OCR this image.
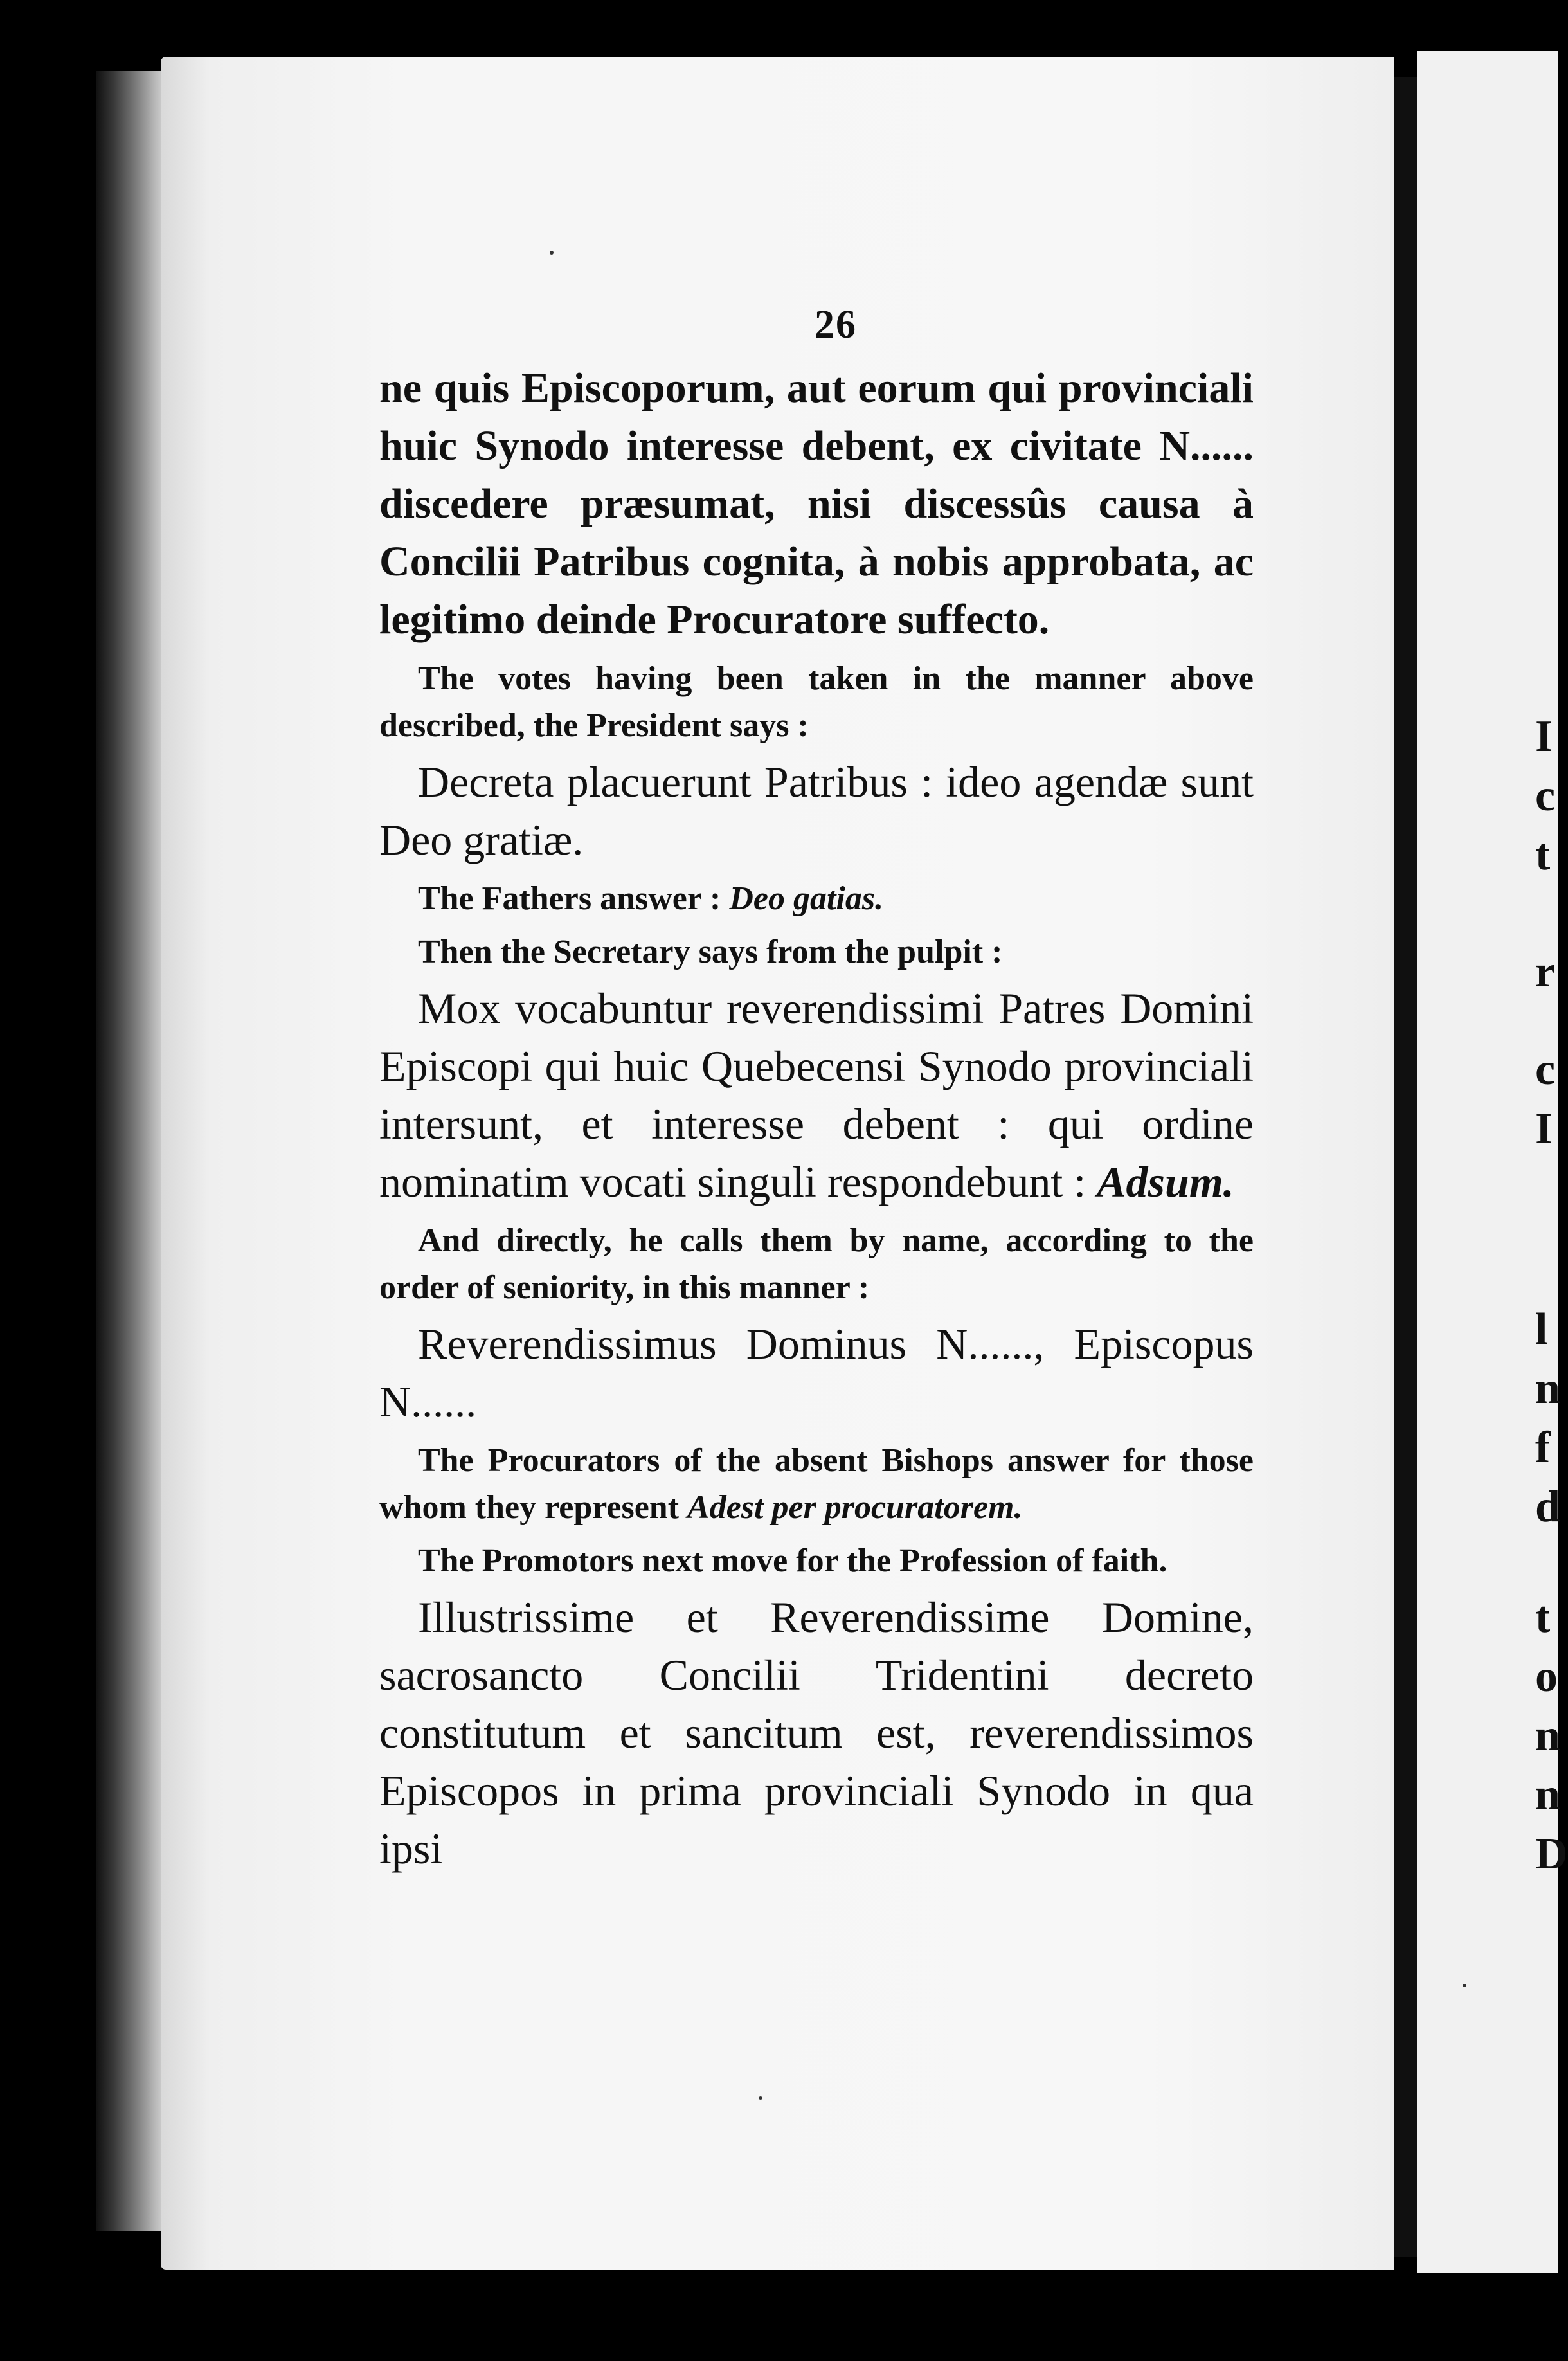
I
c
t
r
c
I
l
n
f
d
t
o
n
n
D
26

ne quis Episcoporum, aut eorum qui provinciali huic Synodo interesse debent, ex civitate N...... discedere præsumat, nisi discessûs causa à Concilii Patribus cognita, à nobis approbata, ac legitimo deinde Procuratore suffecto.

The votes having been taken in the manner above described, the President says :

Decreta placuerunt Patribus : ideo agendæ sunt Deo gratiæ.

The Fathers answer : Deo gatias.

Then the Secretary says from the pulpit :

Mox vocabuntur reverendissimi Patres Domini Episcopi qui huic Quebecensi Synodo provinciali intersunt, et interesse debent : qui ordine nominatim vocati singuli respondebunt : Adsum.

And directly, he calls them by name, according to the order of seniority, in this manner :

Reverendissimus Dominus N......, Episcopus N......

The Procurators of the absent Bishops answer for those whom they represent Adest per procuratorem.

The Promotors next move for the Profession of faith.

Illustrissime et Reverendissime Domine, sacrosancto Concilii Tridentini decreto constitutum et sancitum est, reverendissimos Episcopos in prima provinciali Synodo in qua ipsi
